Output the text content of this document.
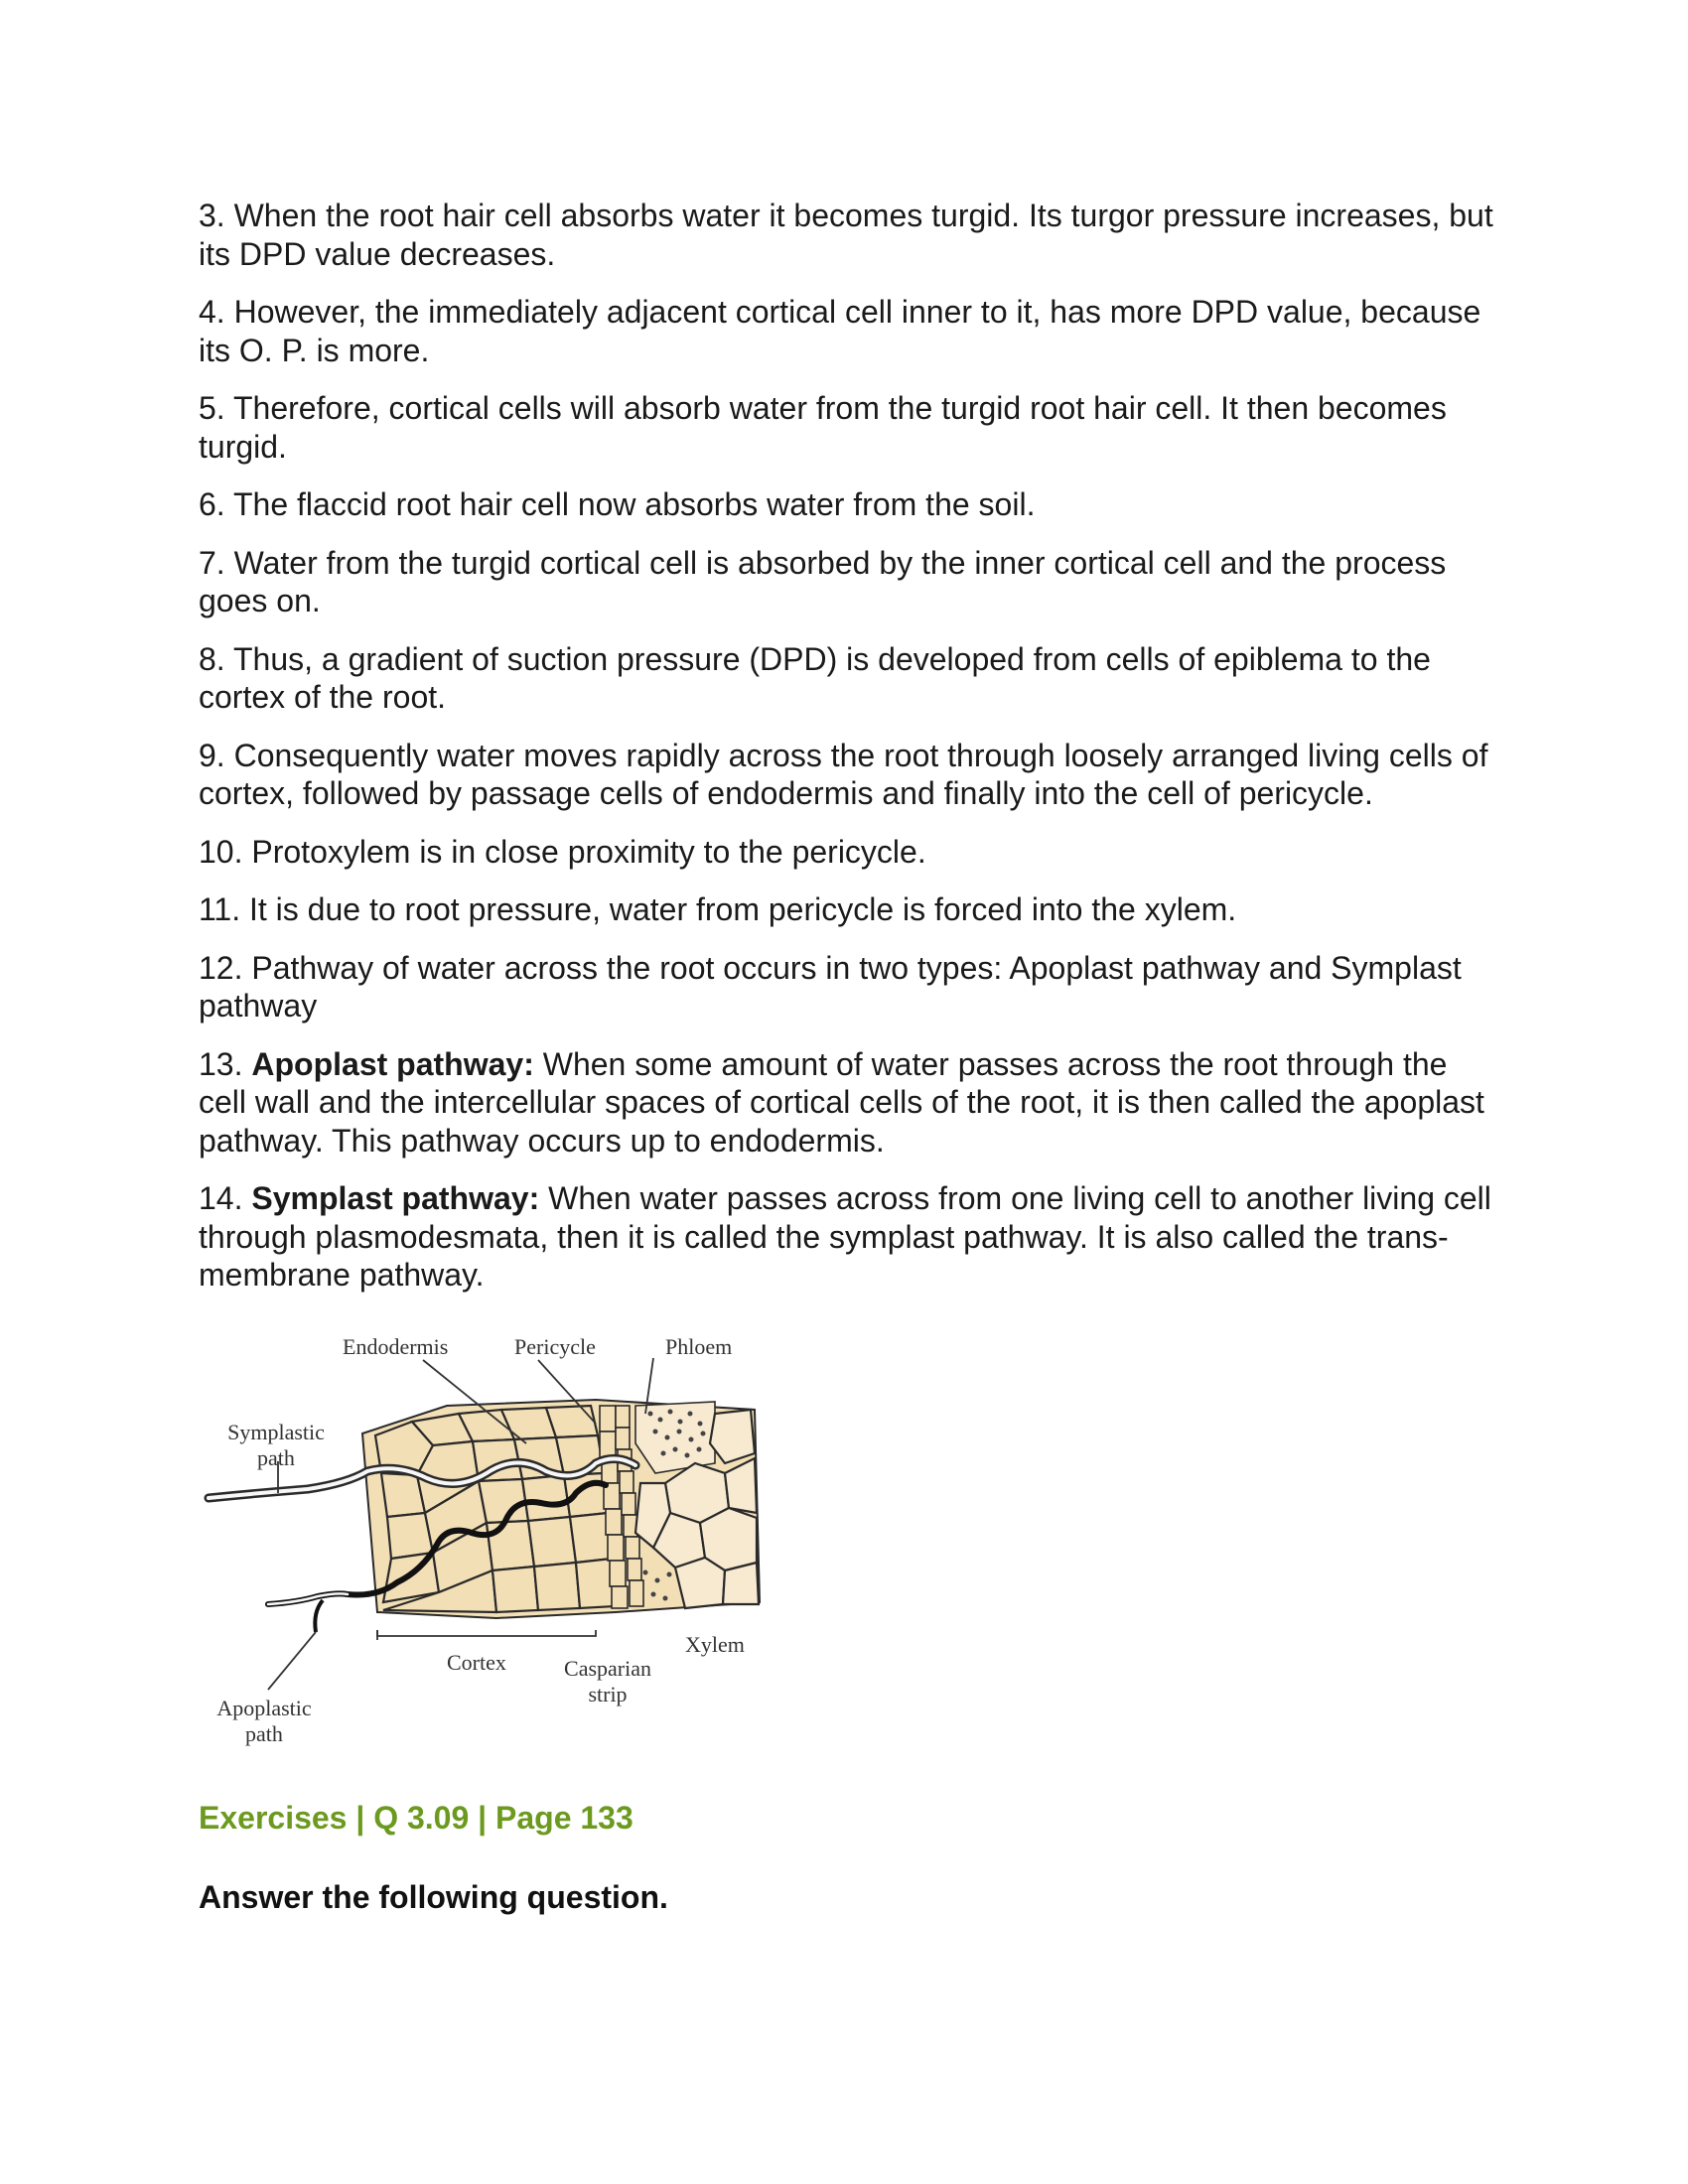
3. When the root hair cell absorbs water it becomes turgid. Its turgor pressure increases, but its DPD value decreases.

4. However, the immediately adjacent cortical cell inner to it, has more DPD value, because its O. P. is more.

5. Therefore, cortical cells will absorb water from the turgid root hair cell. It then becomes turgid.

6. The flaccid root hair cell now absorbs water from the soil.

7. Water from the turgid cortical cell is absorbed by the inner cortical cell and the process goes on.

8. Thus, a gradient of suction pressure (DPD) is developed from cells of epiblema to the cortex of the root.

9. Consequently water moves rapidly across the root through loosely arranged living cells of cortex, followed by passage cells of endodermis and finally into the cell of pericycle.

10. Protoxylem is in close proximity to the pericycle.

11. It is due to root pressure, water from pericycle is forced into the xylem.

12. Pathway of water across the root occurs in two types: Apoplast pathway and Symplast pathway

13. Apoplast pathway: When some amount of water passes across the root through the cell wall and the intercellular spaces of cortical cells of the root, it is then called the apoplast pathway. This pathway occurs up to endodermis.

14. Symplast pathway: When water passes across from one living cell to another living cell through plasmodesmata, then it is called the symplast pathway. It is also called the trans-membrane pathway.

Endodermis	Pericycle	Phloem
Symplastic
path
Cortex	Casparian
strip
Xylem
Apoplastic
path
Exercises | Q 3.09 | Page 133
Answer the following question.
